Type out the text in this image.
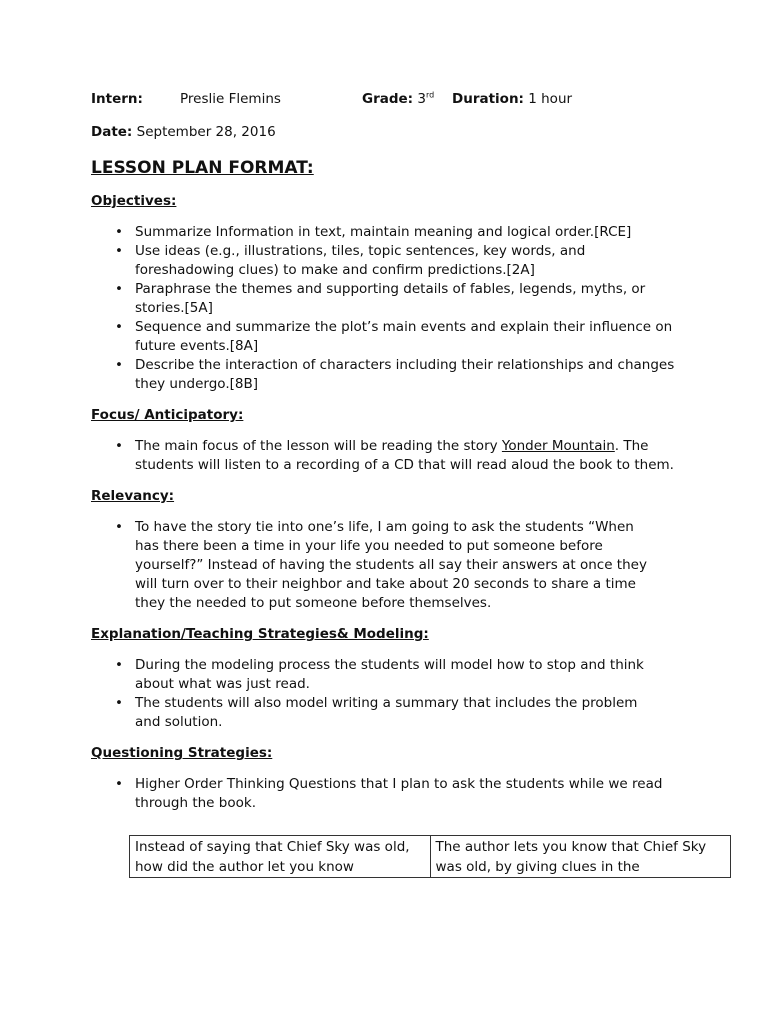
Intern:	Preslie Flemins	Grade: 3rd Duration: 1 hour
Date: September 28, 2016
LESSON PLAN FORMAT:
Objectives:
• Summarize Information in text, maintain meaning and logical order.[RCE]
• Use ideas (e.g., illustrations, tiles, topic sentences, key words, and foreshadowing clues) to make and confirm predictions.[2A]
• Paraphrase the themes and supporting details of fables, legends, myths, or stories.[5A]
• Sequence and summarize the plot’s main events and explain their influence on future events.[8A]
• Describe the interaction of characters including their relationships and changes they undergo.[8B]
Focus/ Anticipatory:
• The main focus of the lesson will be reading the story Yonder Mountain. The students will listen to a recording of a CD that will read aloud the book to them.
Relevancy:
• To have the story tie into one’s life, I am going to ask the students “When has there been a time in your life you needed to put someone before yourself?” Instead of having the students all say their answers at once they will turn over to their neighbor and take about 20 seconds to share a time they the needed to put someone before themselves.
Explanation/Teaching Strategies& Modeling:
• During the modeling process the students will model how to stop and think about what was just read.
• The students will also model writing a summary that includes the problem and solution.
Questioning Strategies:
• Higher Order Thinking Questions that I plan to ask the students while we read through the book.
Instead of saying that Chief Sky was old, how did the author let you know	The author lets you know that Chief Sky was old, by giving clues in the
